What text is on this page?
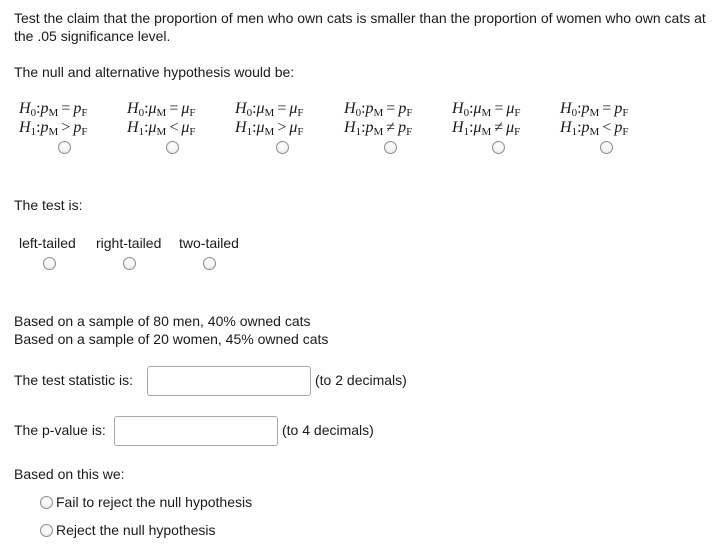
Test the claim that the proportion of men who own cats is smaller than the proportion of women who own cats at the .05 significance level.
The null and alternative hypothesis would be:
$H_0:p_M = p_F$
$H_1:p_M > p_F$
$H_0:\mu_M = \mu_F$
$H_1:\mu_M < \mu_F$
$H_0:\mu_M = \mu_F$
$H_1:\mu_M > \mu_F$
$H_0:p_M = p_F$
$H_1:p_M \ne p_F$
$H_0:\mu_M = \mu_F$
$H_1:\mu_M \ne \mu_F$
$H_0:p_M = p_F$
$H_1:p_M < p_F$
The test is:
left-tailed right-tailed two-tailed
Based on a sample of 80 men, 40% owned cats
Based on a sample of 20 women, 45% owned cats
The test statistic is:	(to 2 decimals)
The p-value is:	(to 4 decimals)
Based on this we:
Fail to reject the null hypothesis
Reject the null hypothesis
